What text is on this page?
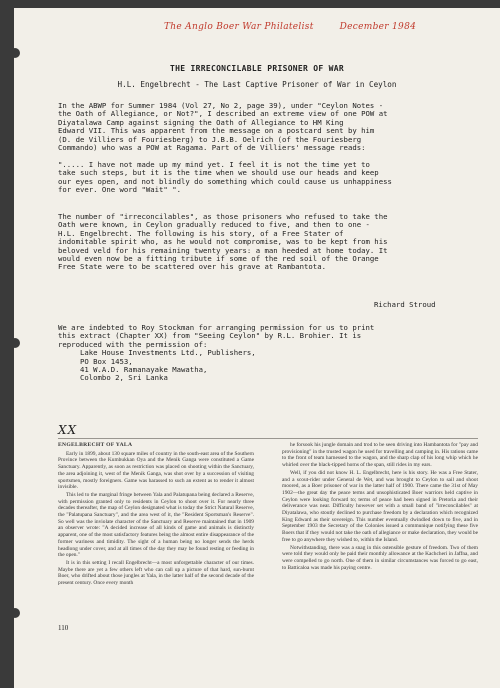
The Anglo Boer War Philatelist	December 1984
THE IRRECONCILABLE PRISONER OF WAR
H.L. Engelbrecht - The Last Captive Prisoner of War in Ceylon
In the ABWP for Summer 1984 (Vol 27, No 2, page 39), under "Ceylon Notes -
the Oath of Allegiance, or Not?", I described an extreme view of one POW at
Diyatalawa Camp against signing the Oath of Allegiance to HM King
Edward VII. This was apparent from the message on a postcard sent by him
(D. de Villiers of Fouriesberg) to J.B.B. Oelrich (of the Fouriesberg
Commando) who was a POW at Ragama. Part of de Villiers' message reads:
"..... I have not made up my mind yet. I feel it is not the time yet to
take such steps, but it is the time when we should use our heads and keep
our eyes open, and not blindly do something which could cause us unhappiness
for ever. One word "Wait" ".
The number of "irreconcilables", as those prisoners who refused to take the
Oath were known, in Ceylon gradually reduced to five, and then to one -
H.L. Engelbrecht. The following is his story, of a Free Stater of
indomitable spirit who, as he would not compromise, was to be kept from his
beloved veld for his remaining twenty years: a man heeded at home today. It
would even now be a fitting tribute if some of the red soil of the Orange
Free State were to be scattered over his grave at Rambantota.
Richard Stroud
We are indebted to Roy Stockman for arranging permission for us to print
this extract (Chapter XX) from "Seeing Ceylon" by R.L. Brohier. It is
reproduced with the permission of:
Lake House Investments Ltd., Publishers,
PO Box 1453,
41 W.A.D. Ramanayake Mawatha,
Colombo 2, Sri Lanka
XX
ENGELBRECHT OF YALA

Early in 1899, about 130 square miles of country in the south-east area of the Southern Province between the Kumbukkan Oya and the Menik Ganga were constituted a Game Sanctuary. Apparently, as soon as restriction was placed on shooting within the Sanctuary, the area adjoining it, west of the Menik Ganga, was shot over by a succession of visiting sportsmen, mostly foreigners. Game was harassed to such an extent as to render it almost invisible.

This led to the marginal fringe between Yala and Palatupana being declared a Reserve, with permission granted only to residents in Ceylon to shoot over it. For nearly three decades thereafter, the map of Ceylon designated what is today the Strict Natural Reserve, the "Palatupana Sanctuary", and the area west of it, the "Resident Sportsman's Reserve". So well was the inviolate character of the Sanctuary and Reserve maintained that in 1909 an observer wrote: "A decided increase of all kinds of game and animals is distinctly apparent, one of the most satisfactory features being the almost entire disappearance of the former wariness and timidity. The sight of a human being no longer sends the herds headlong under cover, and at all times of the day they may be found resting or feeding in the open."

It is in this setting I recall Engelbrecht—a most unforgettable character of our times. Maybe there are yet a few others left who can call up a picture of that hard, sun-burnt Boer, who drifted about those jungles at Yala, in the latter half of the second decade of the present century. Once every month

he forsook his jungle domain and trod to be seen driving into Hambantota for "pay and provisioning" in the trusted wagon he used for travelling and camping in. His rations came to the front of team harnessed to the wagon, and the sharp clap of his long whip which he whirled over the black-tipped horns of the span, still rides in my ears.

Well, if you did not know H. L. Engelbrecht, here is his story. He was a Free Stater, and a scout-rider under General de Wet, and was brought to Ceylon to sail and shoot moored, as a Boer prisoner of war in the latter half of 1900. There came the 31st of May 1902—the great day the peace terms and unsophisticated Boer warriors held captive in Ceylon were looking forward to; terms of peace had been signed in Pretoria and their deliverance was near. Difficulty however set with a small band of "irreconcilables" at Diyatalawa, who stoutly declined to purchase freedom by a declaration which recognized King Edward as their sovereign. This number eventually dwindled down to five, and in September 1903 the Secretary of the Colonies issued a communique notifying these five Boers that if they would not take the oath of allegiance or make declaration, they would be free to go anywhere they wished to, within the Island.

Notwithstanding, there was a snag in this ostensible gesture of freedom. Two of them were told they would only be paid their monthly allowance at the Kachcheri in Jaffna, and were compelled to go north. One of them in similar circumstances was forced to go east, to Batticaloa was made his paying centre.

110
